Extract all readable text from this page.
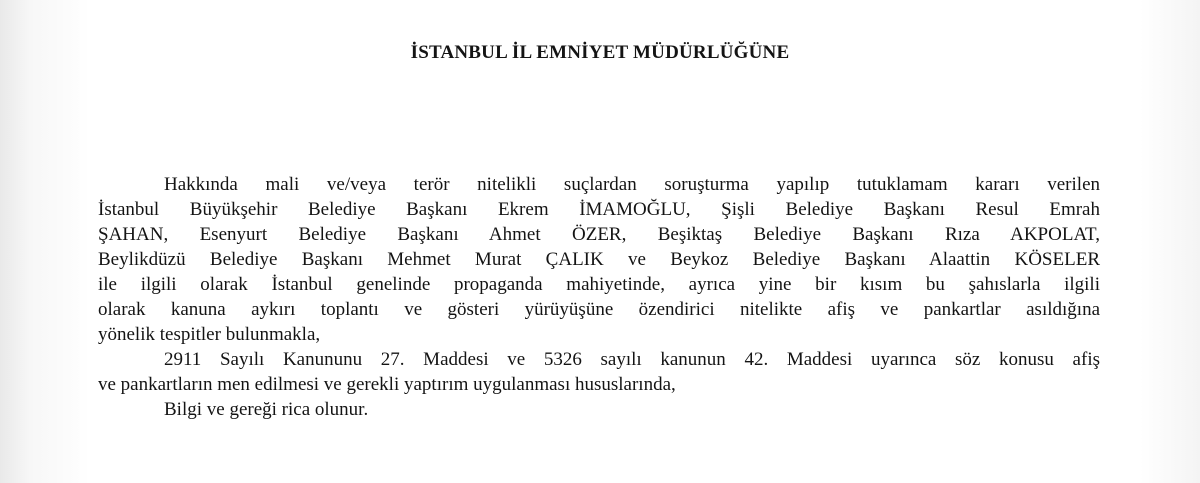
İSTANBUL İL EMNİYET MÜDÜRLÜĞÜNE
Hakkında mali ve/veya terör nitelikli suçlardan soruşturma yapılıp tutuklamam kararı verilen
İstanbul Büyükşehir Belediye Başkanı Ekrem İMAMOĞLU, Şişli Belediye Başkanı Resul Emrah
ŞAHAN, Esenyurt Belediye Başkanı Ahmet ÖZER, Beşiktaş Belediye Başkanı Rıza AKPOLAT,
Beylikdüzü Belediye Başkanı Mehmet Murat ÇALIK ve Beykoz Belediye Başkanı Alaattin KÖSELER
ile ilgili olarak İstanbul genelinde propaganda mahiyetinde, ayrıca yine bir kısım bu şahıslarla ilgili
olarak kanuna aykırı toplantı ve gösteri yürüyüşüne özendirici nitelikte afiş ve pankartlar asıldığına
yönelik tespitler bulunmakla,
2911 Sayılı Kanununu 27. Maddesi ve 5326 sayılı kanunun 42. Maddesi uyarınca söz konusu afiş
ve pankartların men edilmesi ve gerekli yaptırım uygulanması hususlarında,
Bilgi ve gereği rica olunur.
